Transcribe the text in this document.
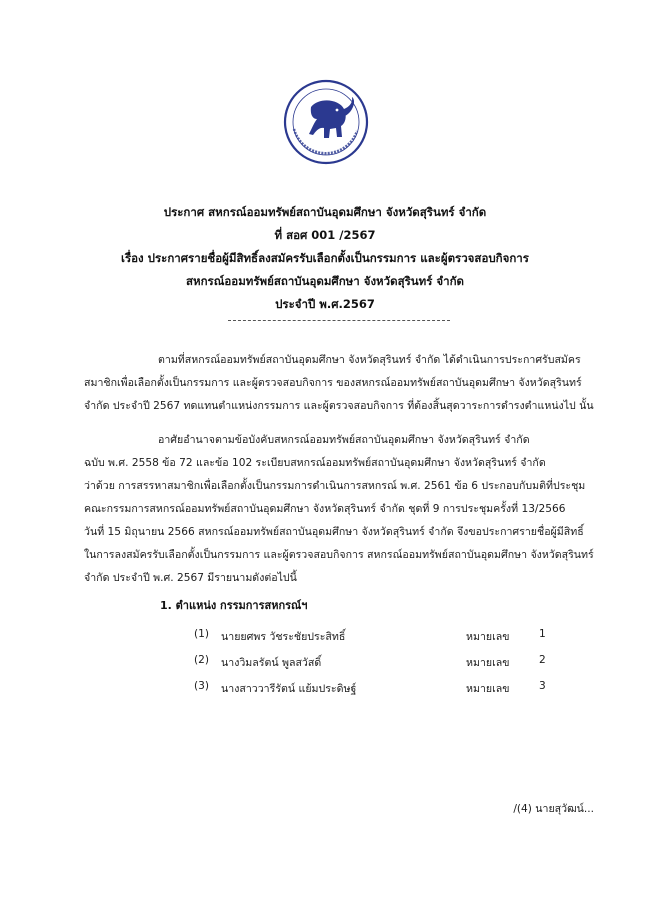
ประกาศ สหกรณ์ออมทรัพย์สถาบันอุดมศึกษา จังหวัดสุรินทร์ จำกัด
ที่ สอศ 001 /2567
เรื่อง ประกาศรายชื่อผู้มีสิทธิ์ลงสมัครรับเลือกตั้งเป็นกรรมการ และผู้ตรวจสอบกิจการ
สหกรณ์ออมทรัพย์สถาบันอุดมศึกษา จังหวัดสุรินทร์ จำกัด
ประจำปี พ.ศ.2567
ตามที่สหกรณ์ออมทรัพย์สถาบันอุดมศึกษา จังหวัดสุรินทร์ จำกัด ได้ดำเนินการประกาศรับสมัคร
สมาชิกเพื่อเลือกตั้งเป็นกรรมการ และผู้ตรวจสอบกิจการ ของสหกรณ์ออมทรัพย์สถาบันอุดมศึกษา จังหวัดสุรินทร์
จำกัด ประจำปี 2567 ทดแทนตำแหน่งกรรมการ และผู้ตรวจสอบกิจการ ที่ต้องสิ้นสุดวาระการดำรงตำแหน่งไป นั้น
อาศัยอำนาจตามข้อบังคับสหกรณ์ออมทรัพย์สถาบันอุดมศึกษา จังหวัดสุรินทร์ จำกัด
ฉบับ พ.ศ. 2558 ข้อ 72 และข้อ 102 ระเบียบสหกรณ์ออมทรัพย์สถาบันอุดมศึกษา จังหวัดสุรินทร์ จำกัด
ว่าด้วย การสรรหาสมาชิกเพื่อเลือกตั้งเป็นกรรมการดำเนินการสหกรณ์ พ.ศ. 2561 ข้อ 6 ประกอบกับมติที่ประชุม
คณะกรรมการสหกรณ์ออมทรัพย์สถาบันอุดมศึกษา จังหวัดสุรินทร์ จำกัด ชุดที่ 9 การประชุมครั้งที่ 13/2566
วันที่ 15 มิถุนายน 2566 สหกรณ์ออมทรัพย์สถาบันอุดมศึกษา จังหวัดสุรินทร์ จำกัด จึงขอประกาศรายชื่อผู้มีสิทธิ์
ในการลงสมัครรับเลือกตั้งเป็นกรรมการ และผู้ตรวจสอบกิจการ สหกรณ์ออมทรัพย์สถาบันอุดมศึกษา จังหวัดสุรินทร์
จำกัด ประจำปี พ.ศ. 2567 มีรายนามดังต่อไปนี้
1. ตำแหน่ง กรรมการสหกรณ์ฯ
(1) นายยศพร วัชระชัยประสิทธิ์	หมายเลข	1
(2) นางวิมลรัตน์ พูลสวัสดิ์	หมายเลข	2
(3) นางสาววารีรัตน์ แย้มประดิษฐ์	หมายเลข	3
/(4) นายสุวัฒน์...
